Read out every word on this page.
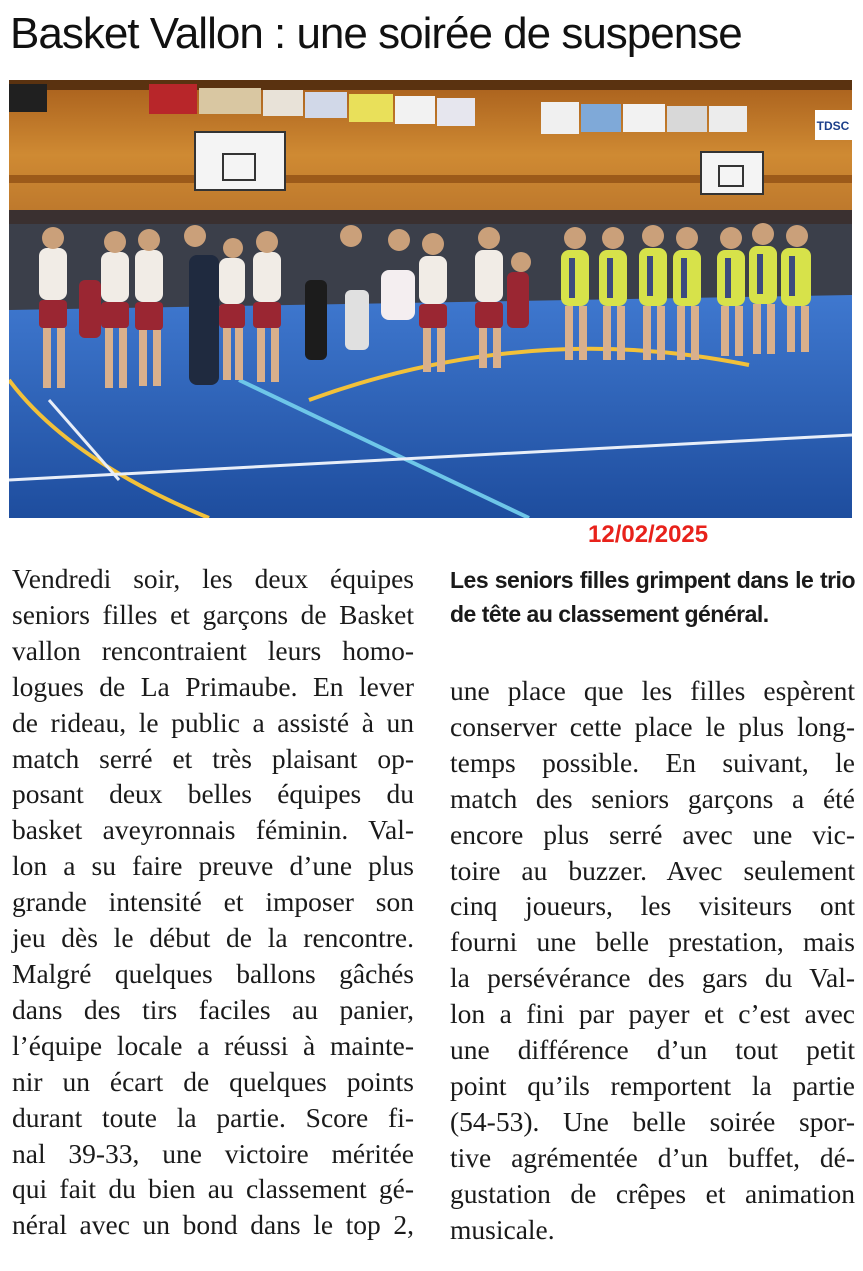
Basket Vallon : une soirée de suspense
TDSC
12/02/2025
Vendredi soir, les deux équipes
seniors filles et garçons de Basket
vallon rencontraient leurs homo-
logues de La Primaube. En lever
de rideau, le public a assisté à un
match serré et très plaisant op-
posant deux belles équipes du
basket aveyronnais féminin. Val-
lon a su faire preuve d’une plus
grande intensité et imposer son
jeu dès le début de la rencontre.
Malgré quelques ballons gâchés
dans des tirs faciles au panier,
l’équipe locale a réussi à mainte-
nir un écart de quelques points
durant toute la partie. Score fi-
nal 39-33, une victoire méritée
qui fait du bien au classement gé-
néral avec un bond dans le top 2,
Les seniors filles grimpent dans le trio
de tête au classement général.
une place que les filles espèrent
conserver cette place le plus long-
temps possible. En suivant, le
match des seniors garçons a été
encore plus serré avec une vic-
toire au buzzer. Avec seulement
cinq joueurs, les visiteurs ont
fourni une belle prestation, mais
la persévérance des gars du Val-
lon a fini par payer et c’est avec
une différence d’un tout petit
point qu’ils remportent la partie
(54-53). Une belle soirée spor-
tive agrémentée d’un buffet, dé-
gustation de crêpes et animation
musicale.
